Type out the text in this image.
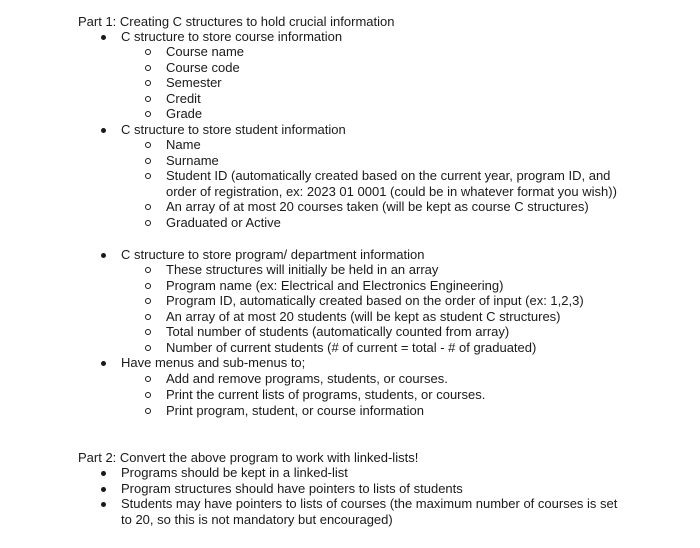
Part 1: Creating C structures to hold crucial information
C structure to store course information
Course name
Course code
Semester
Credit
Grade
C structure to store student information
Name
Surname
Student ID (automatically created based on the current year, program ID, and
order of registration, ex: 2023 01 0001 (could be in whatever format you wish))
An array of at most 20 courses taken (will be kept as course C structures)
Graduated or Active
C structure to store program/ department information
These structures will initially be held in an array
Program name (ex: Electrical and Electronics Engineering)
Program ID, automatically created based on the order of input (ex: 1,2,3)
An array of at most 20 students (will be kept as student C structures)
Total number of students (automatically counted from array)
Number of current students (# of current = total - # of graduated)
Have menus and sub-menus to;
Add and remove programs, students, or courses.
Print the current lists of programs, students, or courses.
Print program, student, or course information
Part 2: Convert the above program to work with linked-lists!
Programs should be kept in a linked-list
Program structures should have pointers to lists of students
Students may have pointers to lists of courses (the maximum number of courses is set
to 20, so this is not mandatory but encouraged)
